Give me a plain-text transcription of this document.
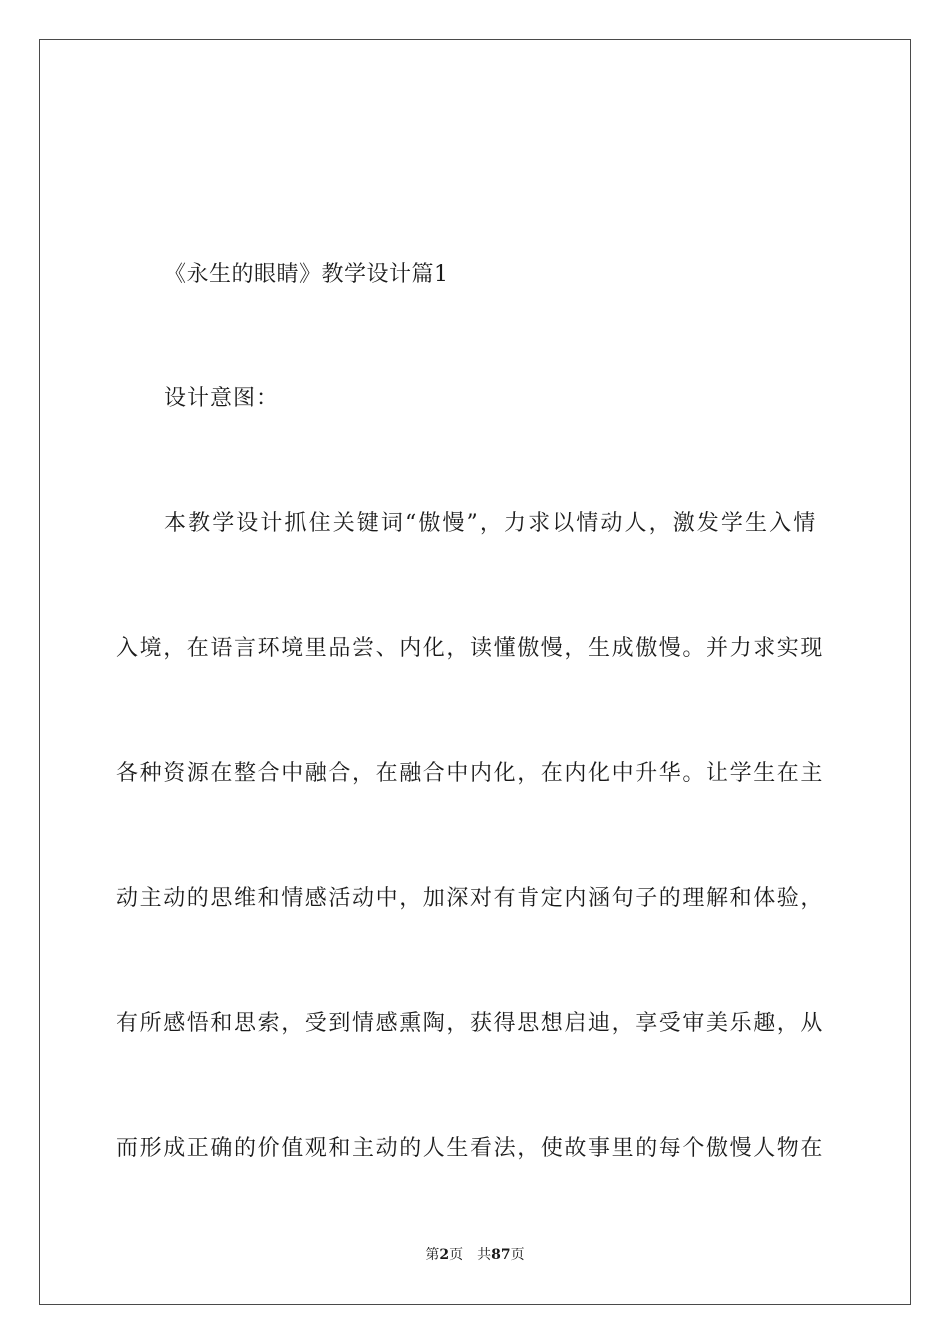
《永生的眼睛》教学设计篇1
设计意图：
本教学设计抓住关键词“傲慢”，力求以情动人，激发学生入情
入境，在语言环境里品尝、内化，读懂傲慢，生成傲慢。并力求实现
各种资源在整合中融合，在融合中内化，在内化中升华。让学生在主
动主动的思维和情感活动中，加深对有肯定内涵句子的理解和体验，
有所感悟和思索，受到情感熏陶，获得思想启迪，享受审美乐趣，从
而形成正确的价值观和主动的人生看法，使故事里的每个傲慢人物在
第2页 共87页
